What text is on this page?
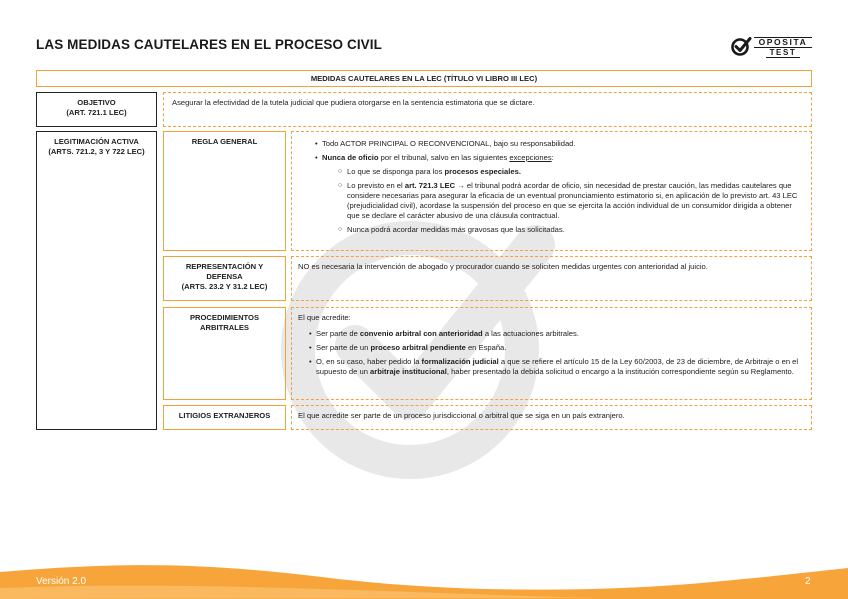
LAS MEDIDAS CAUTELARES EN EL PROCESO CIVIL	OPOSITA
TEST
MEDIDAS CAUTELARES EN LA LEC (TÍTULO VI LIBRO III LEC)
OBJETIVO
(ART. 721.1 LEC)
Asegurar la efectividad de la tutela judicial que pudiera otorgarse en la sentencia estimatoria que se dictare.
LEGITIMACIÓN ACTIVA
(ARTS. 721.2, 3 Y 722 LEC)
REGLA GENERAL
•	Todo ACTOR PRINCIPAL O RECONVENCIONAL, bajo su responsabilidad.
• Nunca de oficio por el tribunal, salvo en las siguientes excepciones:
○ Lo que se disponga para los procesos especiales.
○ Lo previsto en el art. 721.3 LEC → el tribunal podrá acordar de oficio, sin necesidad de prestar caución, las medidas cautelares que considere necesarias para asegurar la eficacia de un eventual pronunciamiento estimatorio si, en aplicación de lo previsto art. 43 LEC (prejudicialidad civil), acordase la suspensión del proceso en que se ejercita la acción individual de un consumidor dirigida a obtener que se declare el carácter abusivo de una cláusula contractual.
○ Nunca podrá acordar medidas más gravosas que las solicitadas.
REPRESENTACIÓN Y
DEFENSA
(ARTS. 23.2 Y 31.2 LEC)
NO es necesaria la intervención de abogado y procurador cuando se soliciten medidas urgentes con anterioridad al juicio.
PROCEDIMIENTOS
ARBITRALES
El que acredite:
• Ser parte de convenio arbitral con anterioridad a las actuaciones arbitrales.
• Ser parte de un proceso arbitral pendiente en España.
• O, en su caso, haber pedido la formalización judicial a que se refiere el artículo 15 de la Ley 60/2003, de 23 de diciembre, de Arbitraje o en el supuesto de un arbitraje institucional, haber presentado la debida solicitud o encargo a la institución correspondiente según su Reglamento.
LITIGIOS EXTRANJEROS	El que acredite ser parte de un proceso jurisdiccional o arbitral que se siga en un país extranjero.
Versión 2.0	2
